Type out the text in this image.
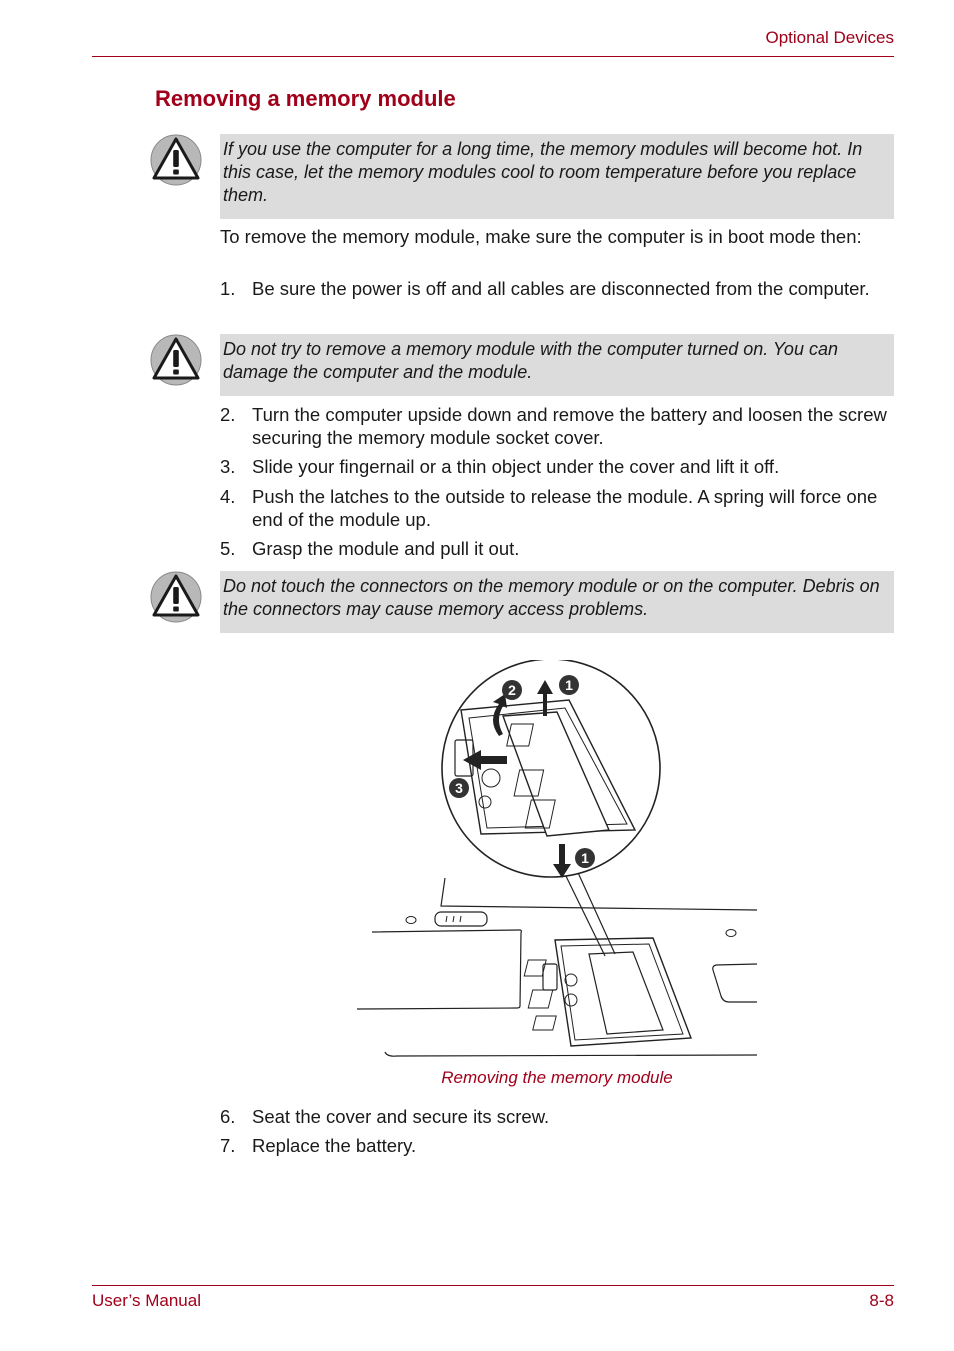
Optional Devices
Removing a memory module
If you use the computer for a long time, the memory modules will become hot. In this case, let the memory modules cool to room temperature before you replace them.
To remove the memory module, make sure the computer is in boot mode then:
1. Be sure the power is off and all cables are disconnected from the computer.
Do not try to remove a memory module with the computer turned on. You can damage the computer and the module.
2. Turn the computer upside down and remove the battery and loosen the screw securing the memory module socket cover.
3. Slide your fingernail or a thin object under the cover and lift it off.
4. Push the latches to the outside to release the module. A spring will force one end of the module up.
5. Grasp the module and pull it out.
Do not touch the connectors on the memory module or on the computer. Debris on the connectors may cause memory access problems.
1
2
3
1
Removing the memory module
6. Seat the cover and secure its screw.
7. Replace the battery.
User’s Manual	8-8
